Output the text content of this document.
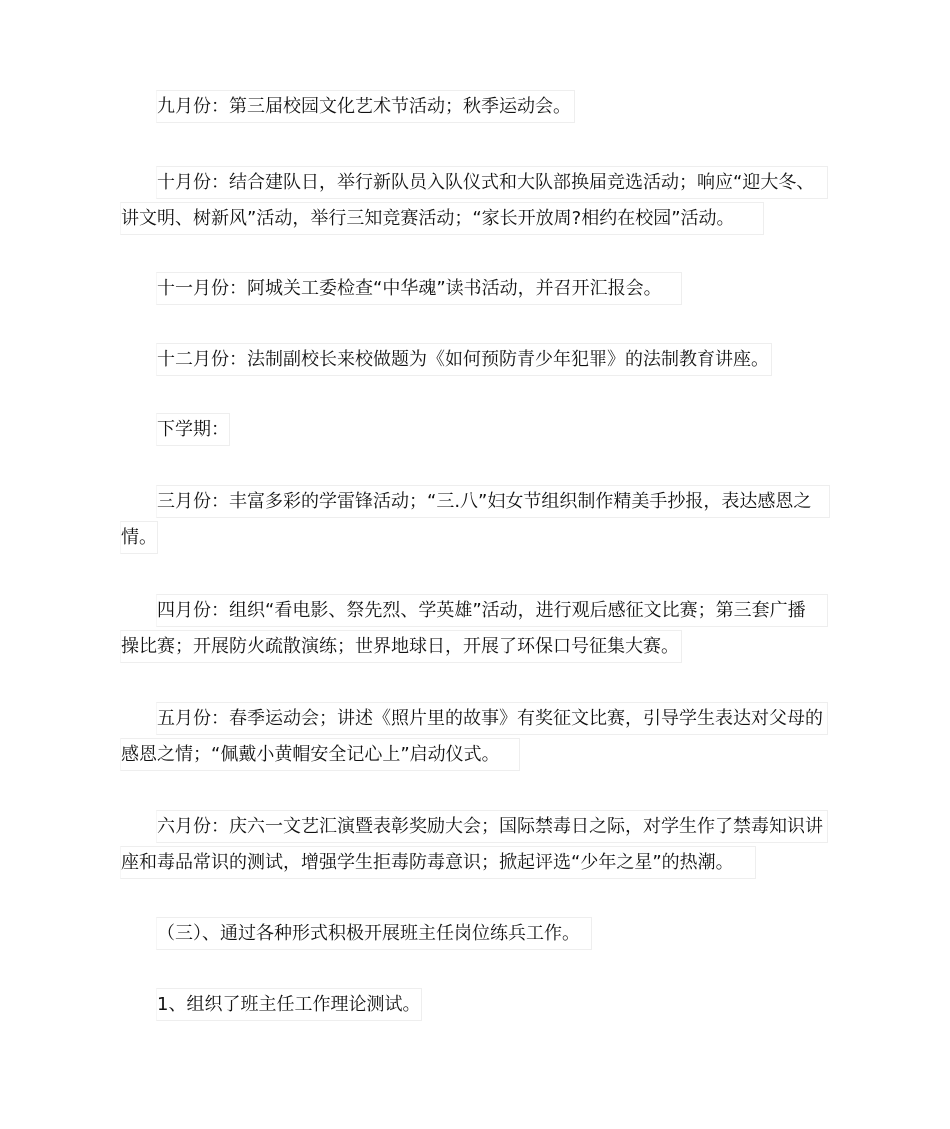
九月份：第三届校园文化艺术节活动；秋季运动会。
十月份：结合建队日，举行新队员入队仪式和大队部换届竞选活动；响应“迎大冬、
讲文明、树新风”活动，举行三知竞赛活动；“家长开放周?相约在校园”活动。
十一月份：阿城关工委检查“中华魂”读书活动，并召开汇报会。
十二月份：法制副校长来校做题为《如何预防青少年犯罪》的法制教育讲座。
下学期：
三月份：丰富多彩的学雷锋活动；“三.八”妇女节组织制作精美手抄报，表达感恩之
情。
四月份：组织“看电影、祭先烈、学英雄”活动，进行观后感征文比赛；第三套广播
操比赛；开展防火疏散演练；世界地球日，开展了环保口号征集大赛。
五月份：春季运动会；讲述《照片里的故事》有奖征文比赛，引导学生表达对父母的
感恩之情；“佩戴小黄帽安全记心上”启动仪式。
六月份：庆六一文艺汇演暨表彰奖励大会；国际禁毒日之际，对学生作了禁毒知识讲
座和毒品常识的测试，增强学生拒毒防毒意识；掀起评选“少年之星”的热潮。
（三）、通过各种形式积极开展班主任岗位练兵工作。
1、组织了班主任工作理论测试。
